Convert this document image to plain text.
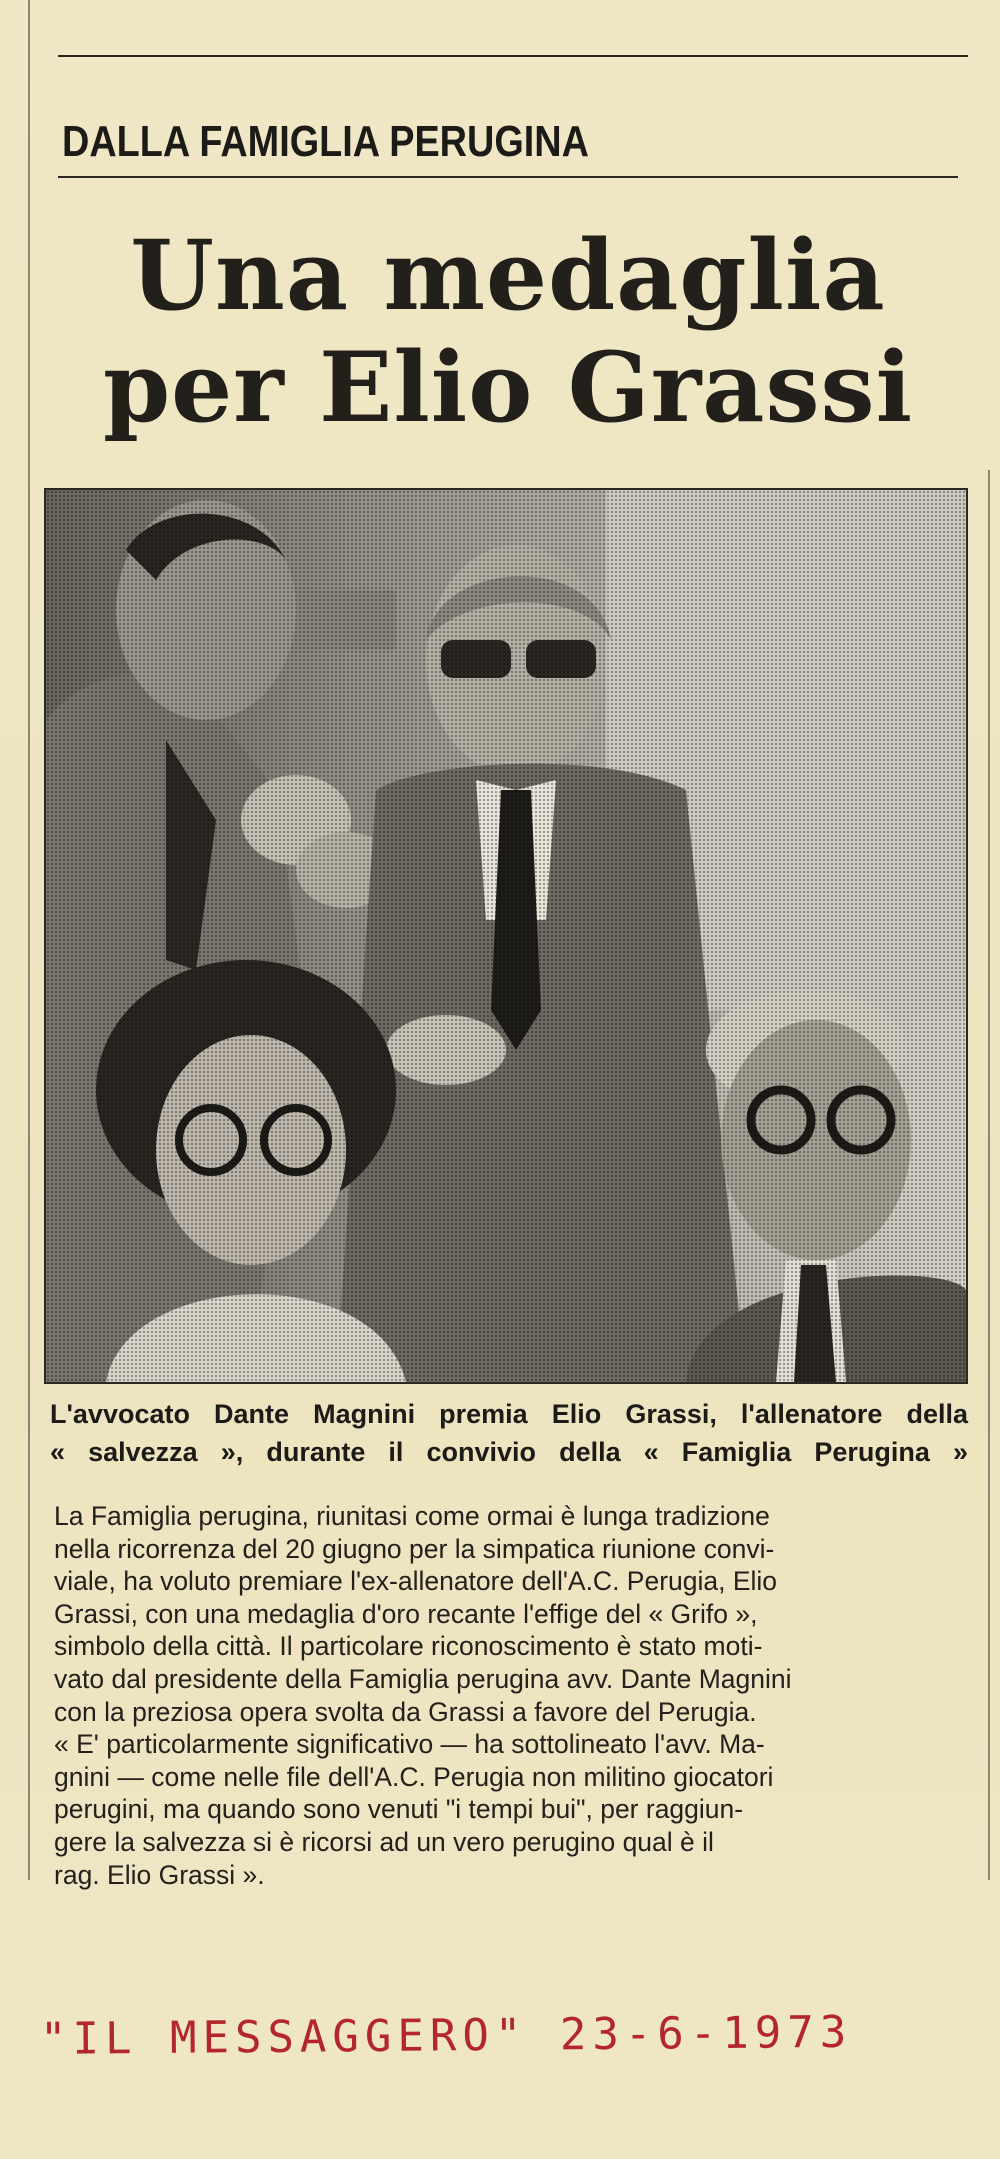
DALLA FAMIGLIA PERUGINA
Una medaglia
per Elio Grassi
L'avvocato Dante Magnini premia Elio Grassi, l'allenatore della
« salvezza », durante il convivio della « Famiglia Perugina »
La Famiglia perugina, riunitasi come ormai è lunga tradizione
nella ricorrenza del 20 giugno per la simpatica riunione convi-
viale, ha voluto premiare l'ex-allenatore dell'A.C. Perugia, Elio
Grassi, con una medaglia d'oro recante l'effige del « Grifo »,
simbolo della città. Il particolare riconoscimento è stato moti-
vato dal presidente della Famiglia perugina avv. Dante Magnini
con la preziosa opera svolta da Grassi a favore del Perugia.
« E' particolarmente significativo — ha sottolineato l'avv. Ma-
gnini — come nelle file dell'A.C. Perugia non militino giocatori
perugini, ma quando sono venuti "i tempi bui", per raggiun-
gere la salvezza si è ricorsi ad un vero perugino qual è il
rag. Elio Grassi ».
"IL MESSAGGERO" 23-6-1973
